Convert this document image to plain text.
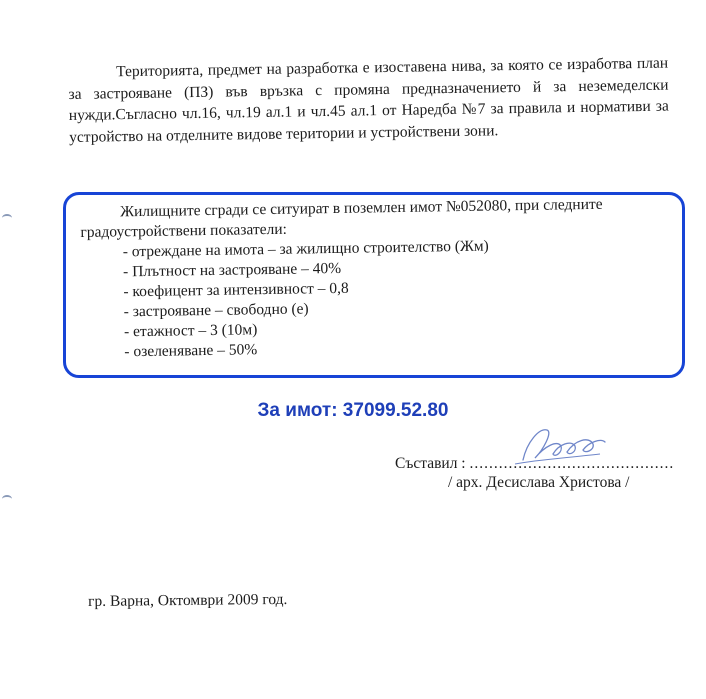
Територията, предмет на разработка е изоставена нива, за която се изработва план за застрояване (ПЗ) във връзка с промяна предназначението й за неземеделски нужди.Съгласно чл.16, чл.19 ал.1 и чл.45 ал.1 от Наредба №7 за правила и нормативи за устройство на отделните видове територии и устройствени зони.

Жилищните сгради се ситуират в поземлен имот №052080, при следните градоустройствени показатели:
- отреждане на имота – за жилищно строителство (Жм)
- Плътност на застрояване – 40%
- коефицент за интензивност – 0,8
- застрояване – свободно (е)
- етажност – 3 (10м)
- озеленяване – 50%
За имот: 37099.52.80
Съставил : ..........................................
/ арх. Десислава Христова /
гр. Варна, Октомври 2009 год.
